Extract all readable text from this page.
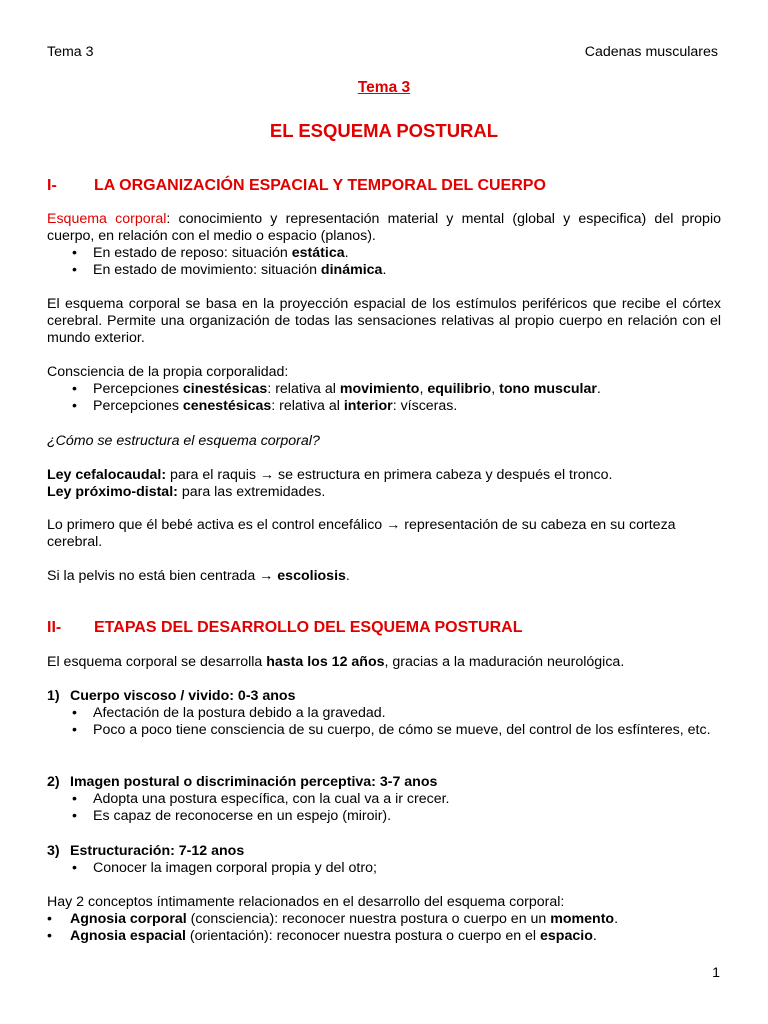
Tema 3	Cadenas musculares
Tema 3
EL ESQUEMA POSTURAL
I- LA ORGANIZACIÓN ESPACIAL Y TEMPORAL DEL CUERPO
Esquema corporal: conocimiento y representación material y mental (global y especifica) del propio cuerpo, en relación con el medio o espacio (planos).
• En estado de reposo: situación estática.
• En estado de movimiento: situación dinámica.
El esquema corporal se basa en la proyección espacial de los estímulos periféricos que recibe el córtex cerebral. Permite una organización de todas las sensaciones relativas al propio cuerpo en relación con el mundo exterior.
Consciencia de la propia corporalidad:
• Percepciones cinestésicas: relativa al movimiento, equilibrio, tono muscular.
• Percepciones cenestésicas: relativa al interior: vísceras.
¿Cómo se estructura el esquema corporal?
Ley cefalocaudal: para el raquis → se estructura en primera cabeza y después el tronco.
Ley próximo-distal: para las extremidades.
Lo primero que él bebé activa es el control encefálico → representación de su cabeza en su corteza cerebral.
Si la pelvis no está bien centrada → escoliosis.
II- ETAPAS DEL DESARROLLO DEL ESQUEMA POSTURAL
El esquema corporal se desarrolla hasta los 12 años, gracias a la maduración neurológica.
1) Cuerpo viscoso / vivido: 0-3 anos
• Afectación de la postura debido a la gravedad.
• Poco a poco tiene consciencia de su cuerpo, de cómo se mueve, del control de los esfínteres, etc.
2) Imagen postural o discriminación perceptiva: 3-7 anos
• Adopta una postura específica, con la cual va a ir crecer.
• Es capaz de reconocerse en un espejo (miroir).
3) Estructuración: 7-12 anos
• Conocer la imagen corporal propia y del otro;
Hay 2 conceptos íntimamente relacionados en el desarrollo del esquema corporal:
• Agnosia corporal (consciencia): reconocer nuestra postura o cuerpo en un momento.
• Agnosia espacial (orientación): reconocer nuestra postura o cuerpo en el espacio.
1
